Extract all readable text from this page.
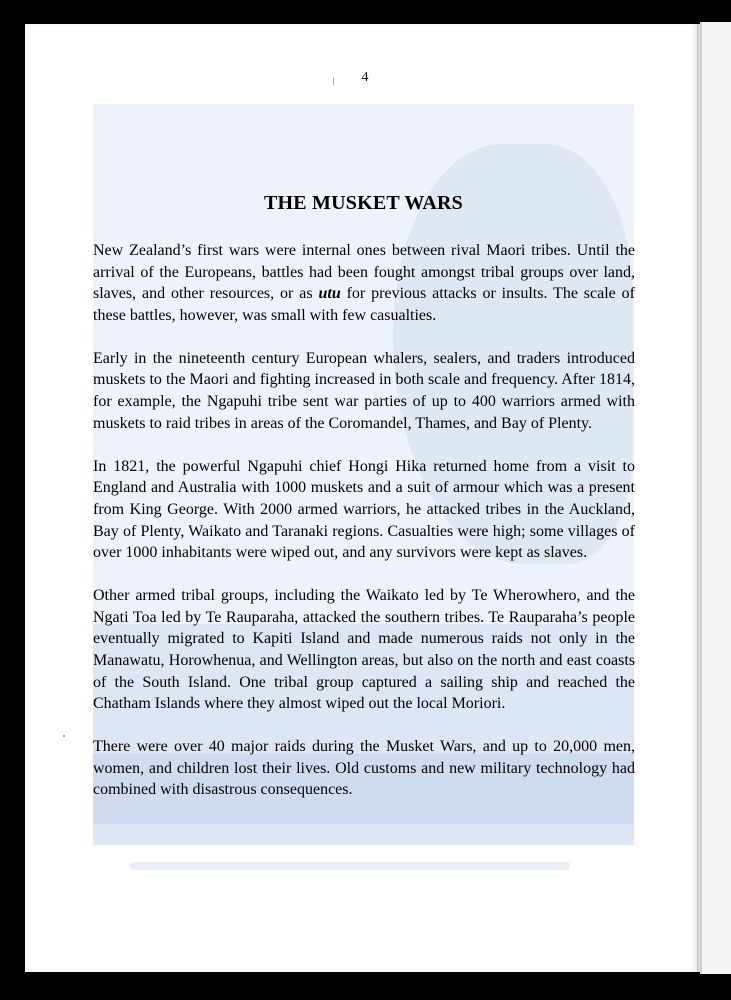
4
THE MUSKET WARS

New Zealand’s first wars were internal ones between rival Maori tribes. Until the arrival of the Europeans, battles had been fought amongst tribal groups over land, slaves, and other resources, or as utu for previous attacks or insults. The scale of these battles, however, was small with few casualties.

Early in the nineteenth century European whalers, sealers, and traders introduced muskets to the Maori and fighting increased in both scale and frequency. After 1814, for example, the Ngapuhi tribe sent war parties of up to 400 warriors armed with muskets to raid tribes in areas of the Coromandel, Thames, and Bay of Plenty.

In 1821, the powerful Ngapuhi chief Hongi Hika returned home from a visit to England and Australia with 1000 muskets and a suit of armour which was a present from King George. With 2000 armed warriors, he attacked tribes in the Auckland, Bay of Plenty, Waikato and Taranaki regions. Casualties were high; some villages of over 1000 inhabitants were wiped out, and any survivors were kept as slaves.

Other armed tribal groups, including the Waikato led by Te Wherowhero, and the Ngati Toa led by Te Rauparaha, attacked the southern tribes. Te Rauparaha’s people eventually migrated to Kapiti Island and made numerous raids not only in the Manawatu, Horowhenua, and Wellington areas, but also on the north and east coasts of the South Island. One tribal group captured a sailing ship and reached the Chatham Islands where they almost wiped out the local Moriori.

There were over 40 major raids during the Musket Wars, and up to 20,000 men, women, and children lost their lives. Old customs and new military technology had combined with disastrous consequences.
